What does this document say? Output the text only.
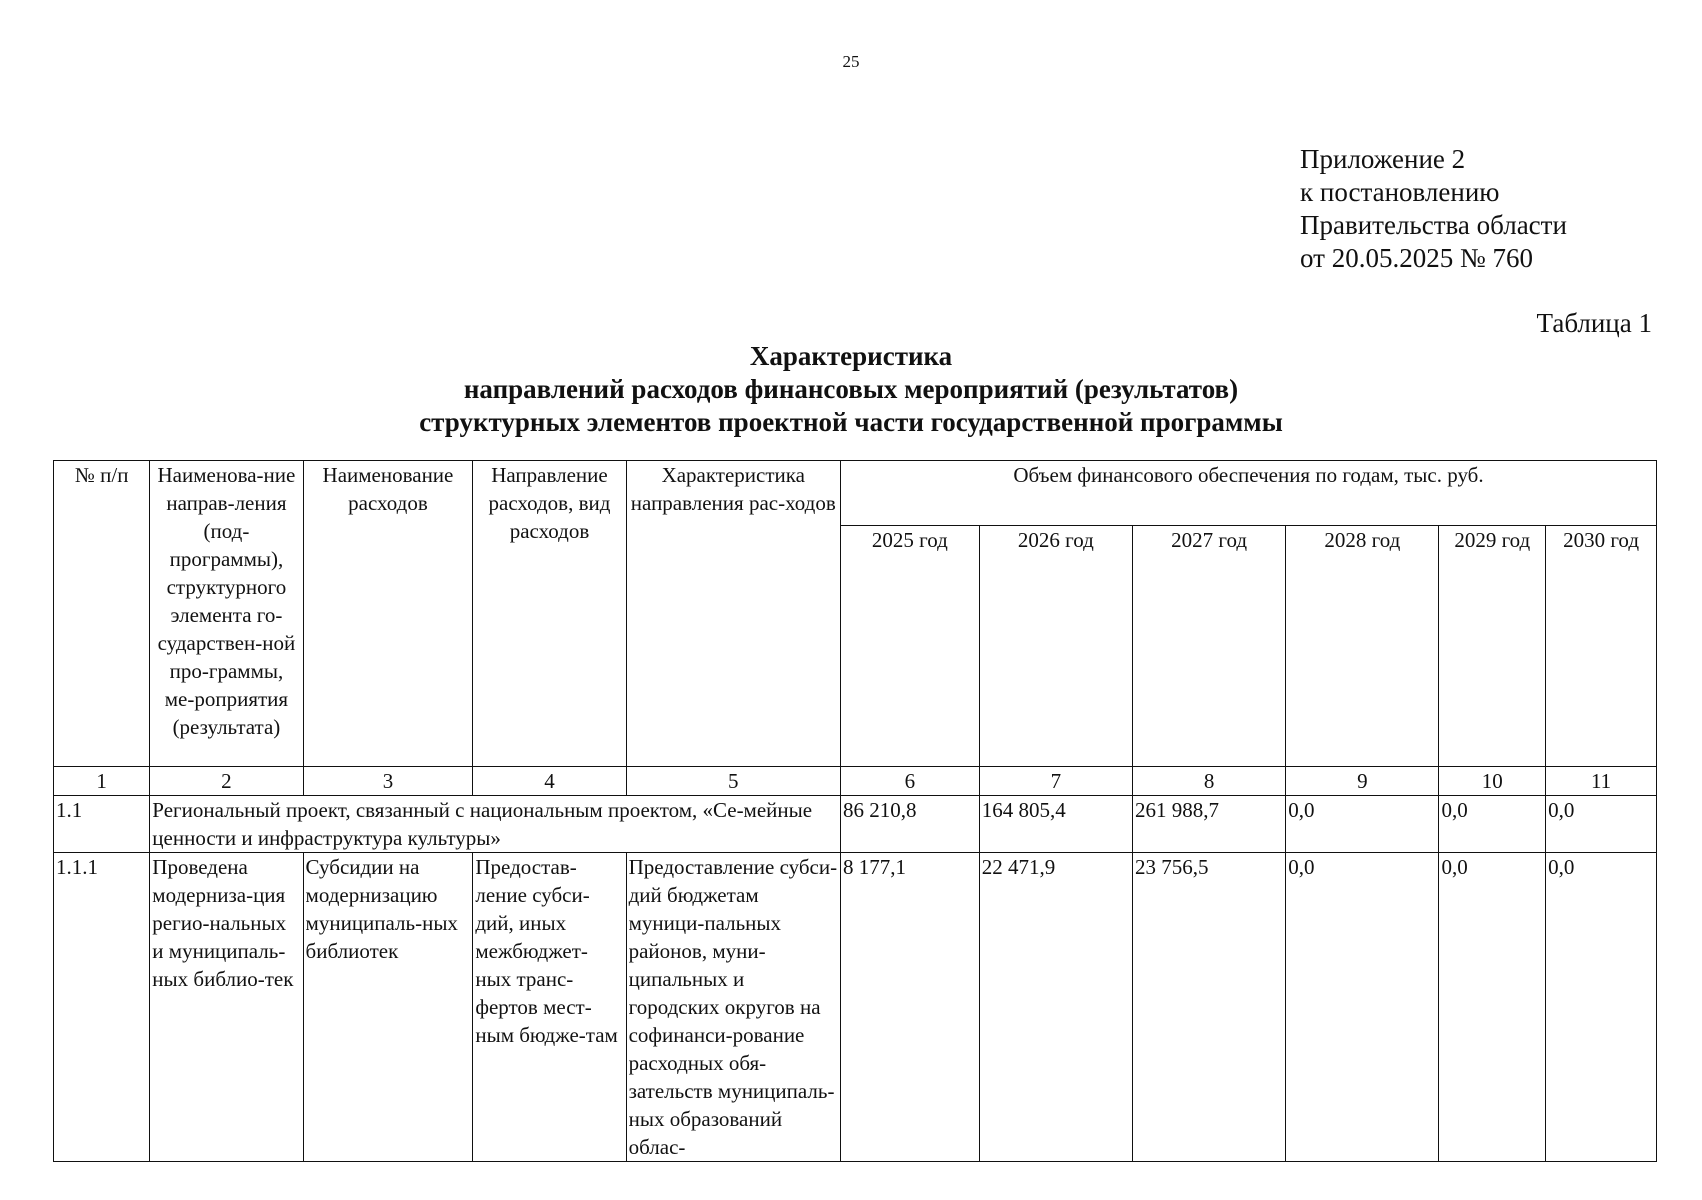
25
Приложение 2
к постановлению
Правительства области
от 20.05.2025 № 760
Таблица 1
Характеристика
направлений расходов финансовых мероприятий (результатов)
структурных элементов проектной части государственной программы
№ п/п	Наименова-ние направ-ления (под-программы), структурного элемента го-сударствен-ной про-граммы, ме-роприятия (результата)	Наименование расходов	Направление расходов, вид расходов	Характеристика направления рас-ходов	Объем финансового обеспечения по годам, тыс. руб.					
					2025 год	2026 год	2027 год	2028 год	2029 год	2030 год
1	2	3	4	5	6	7	8	9	10	11
1.1	Региональный проект, связанный с национальным проектом, «Се-мейные ценности и инфраструктура культуры»				86 210,8	164 805,4	261 988,7	0,0	0,0	0,0
1.1.1	Проведена модерниза-ция регио-нальных и муниципаль-ных библио-тек	Субсидии на модернизацию муниципаль-ных библиотек	Предостав-ление субси-дий, иных межбюджет-ных транс-фертов мест-ным бюдже-там	Предоставление субси-дий бюджетам муници-пальных районов, муни-ципальных и городских округов на софинанси-рование расходных обя-зательств муниципаль-ных образований облас-	8 177,1	22 471,9	23 756,5	0,0	0,0	0,0
